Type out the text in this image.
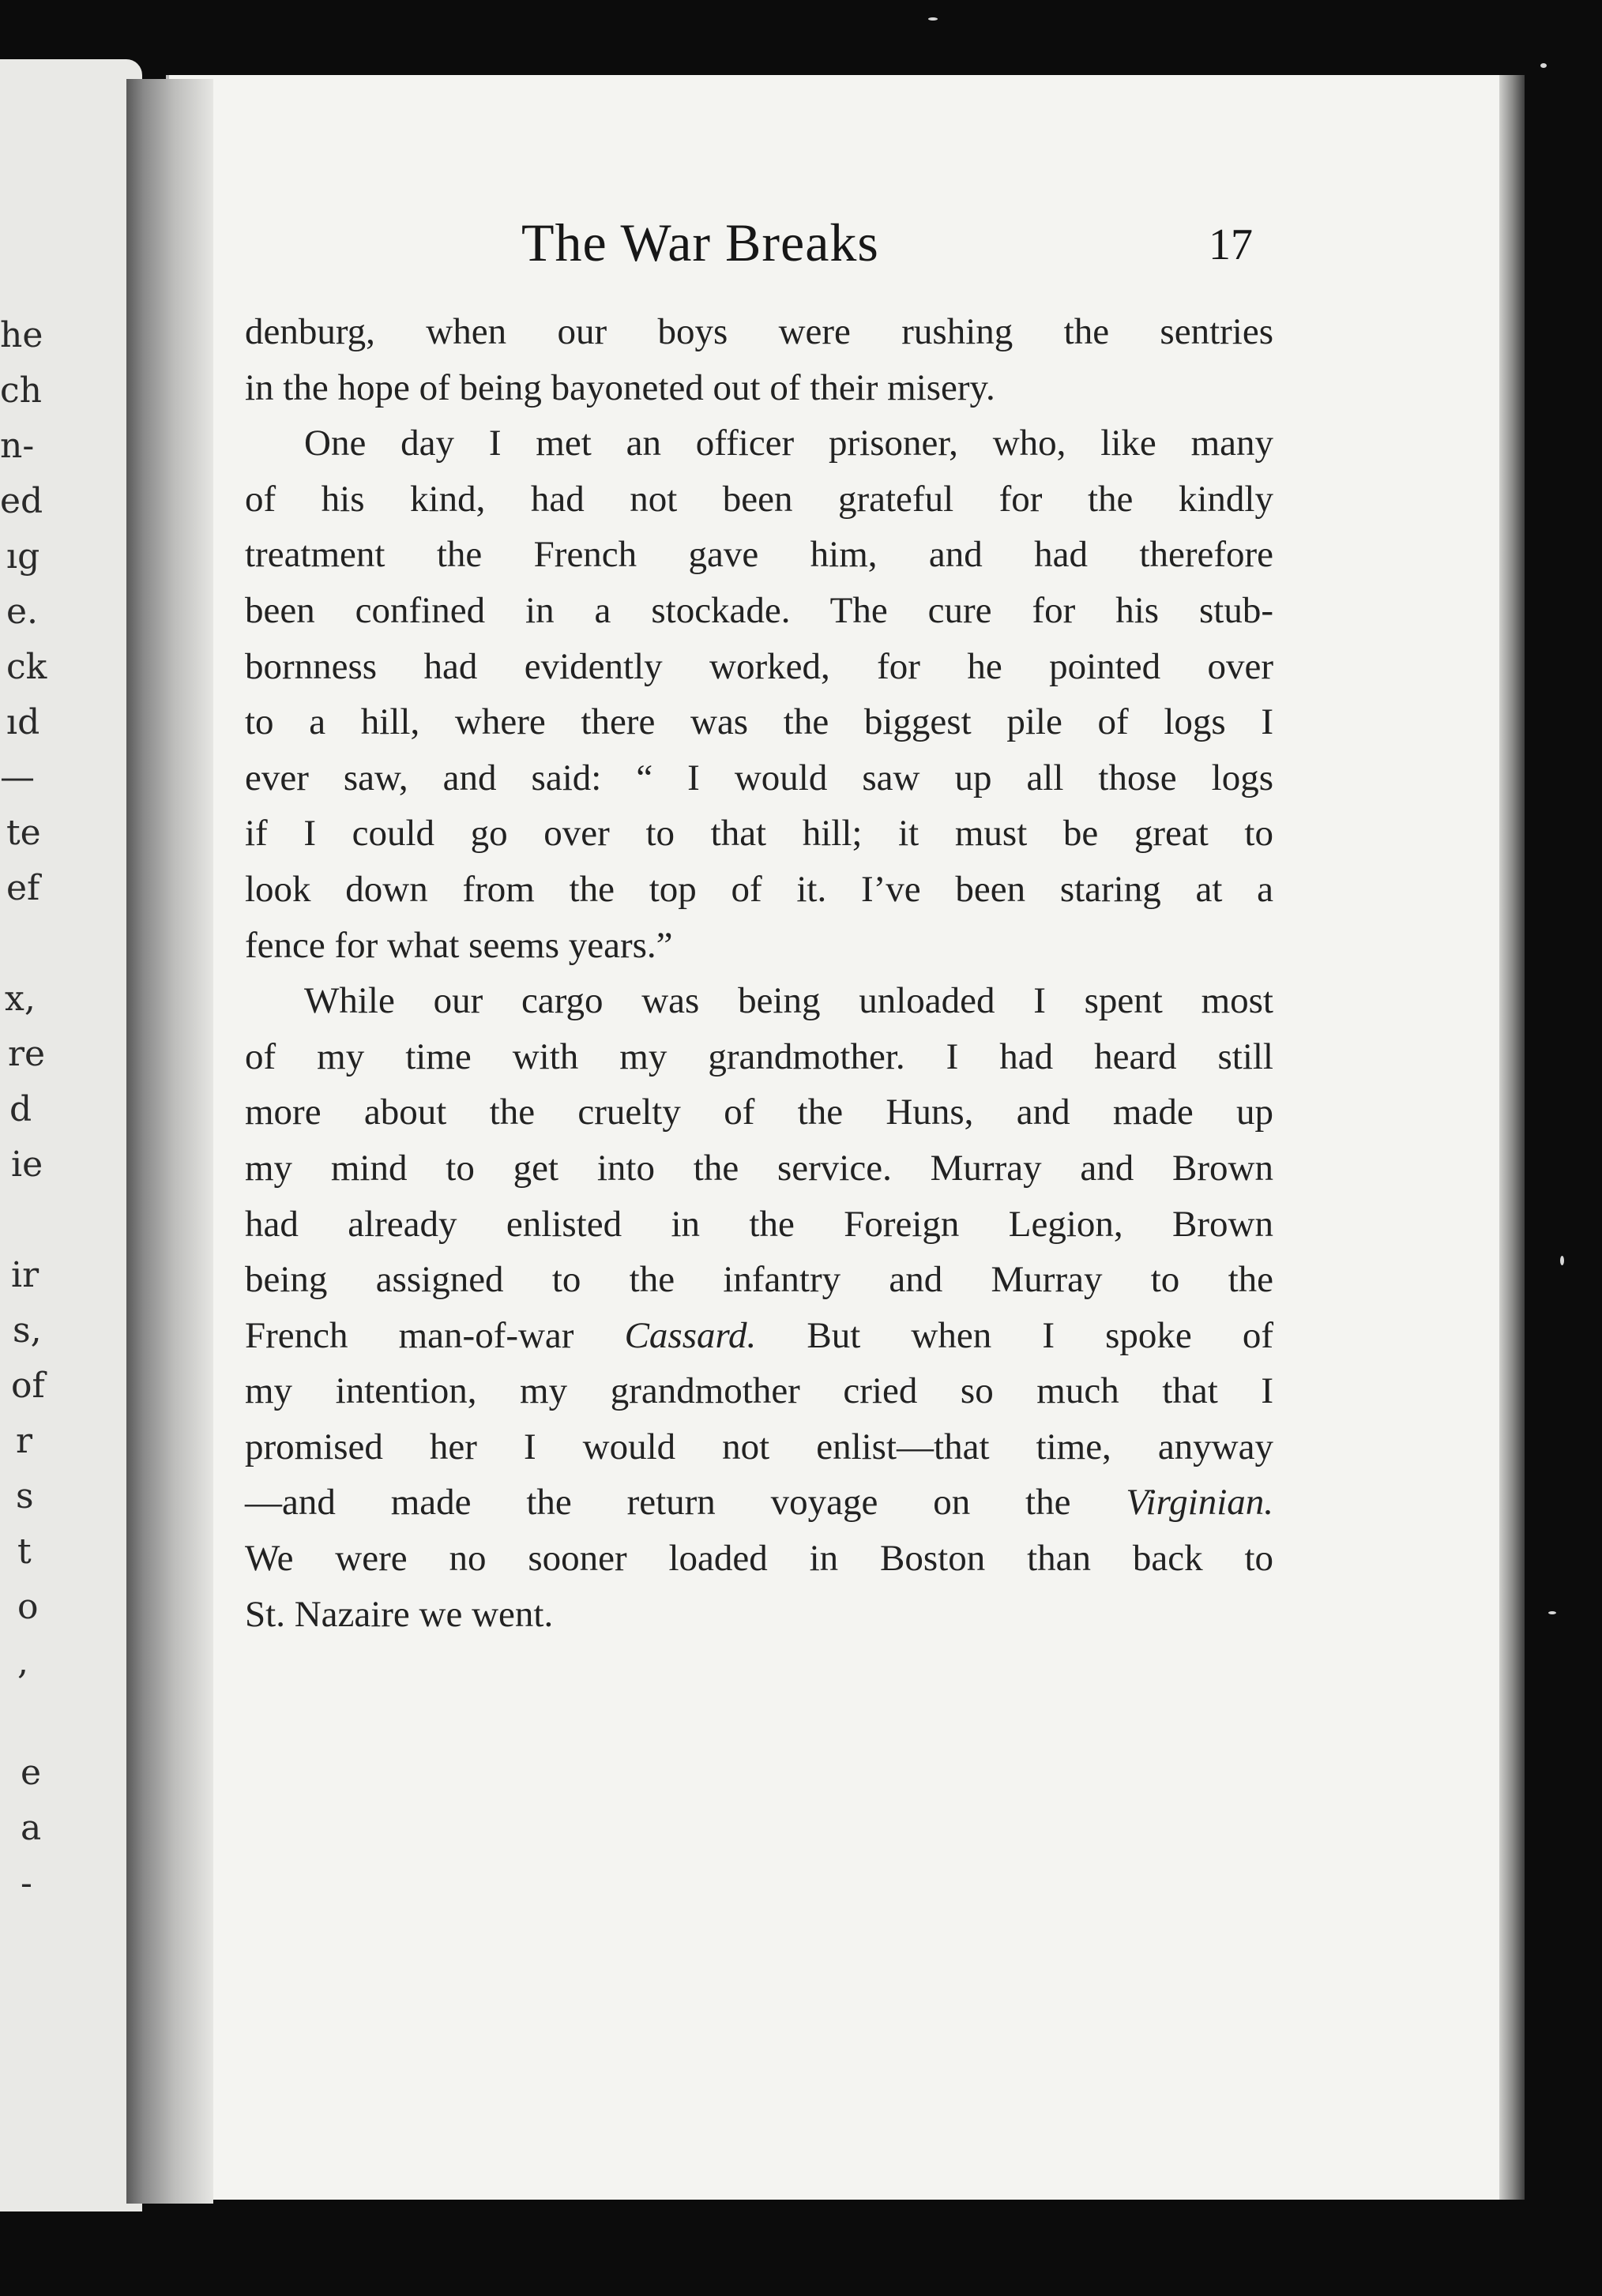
he
ch
n-
ed
ıg
e.
ck
ıd
—
te
ef
x,
re
d
ie
ir
s,
of
r
s
t
o
,
e
a
-
The War Breaks	17
denburg, when our boys were rushing the sentries
in the hope of being bayoneted out of their misery.
One day I met an officer prisoner, who, like many
of his kind, had not been grateful for the kindly
treatment the French gave him, and had therefore
been confined in a stockade. The cure for his stub-
bornness had evidently worked, for he pointed over
to a hill, where there was the biggest pile of logs I
ever saw, and said: “ I would saw up all those logs
if I could go over to that hill; it must be great to
look down from the top of it. I’ve been staring at a
fence for what seems years.”
While our cargo was being unloaded I spent most
of my time with my grandmother. I had heard still
more about the cruelty of the Huns, and made up
my mind to get into the service. Murray and Brown
had already enlisted in the Foreign Legion, Brown
being assigned to the infantry and Murray to the
French man-of-war Cassard. But when I spoke of
my intention, my grandmother cried so much that I
promised her I would not enlist—that time, anyway
—and made the return voyage on the Virginian.
We were no sooner loaded in Boston than back to
St. Nazaire we went.
